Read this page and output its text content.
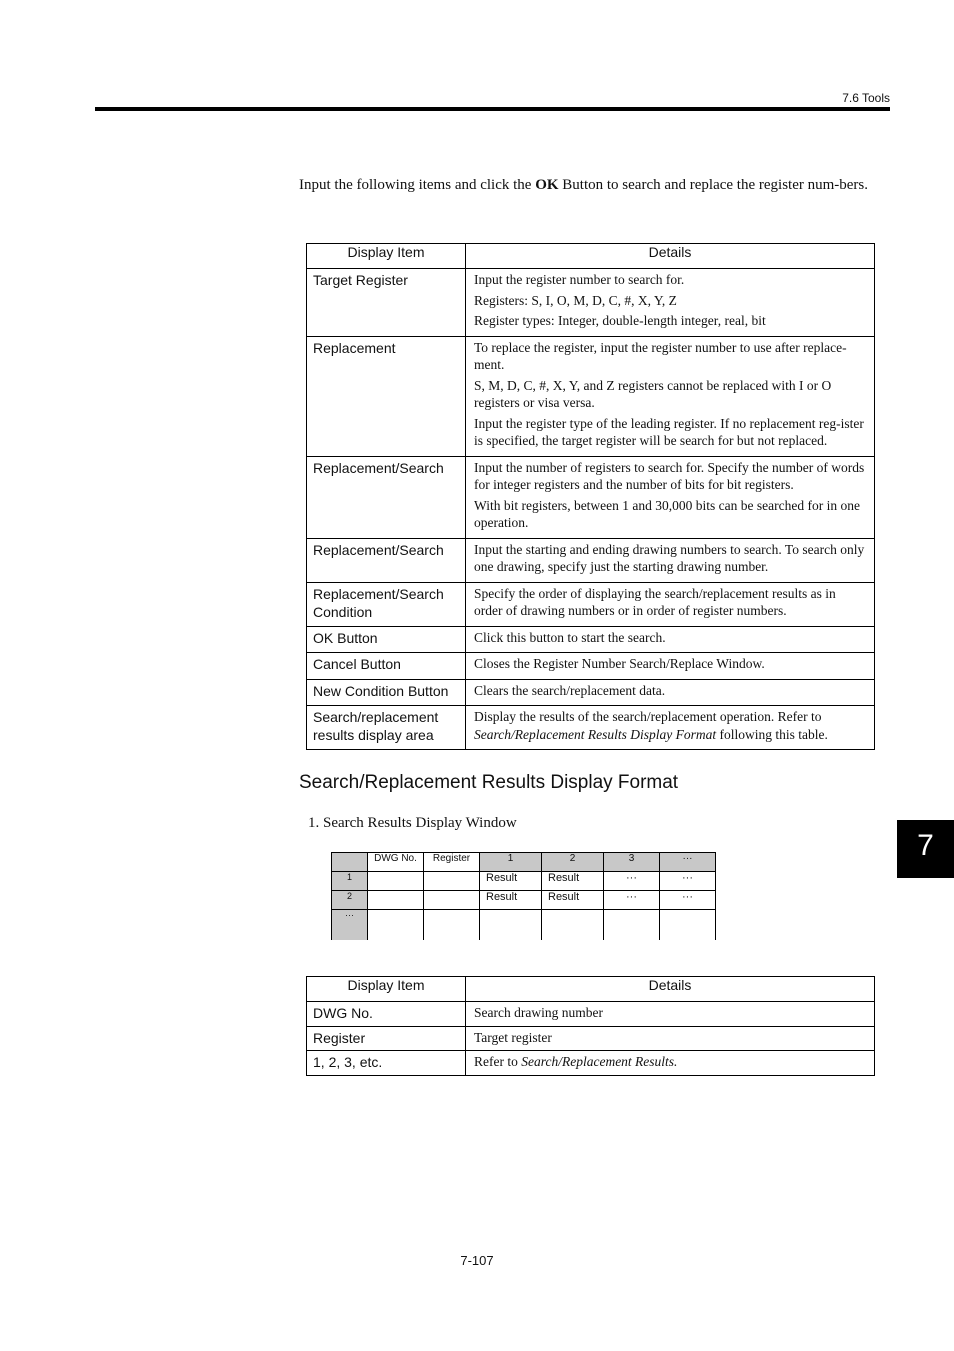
7.6 Tools
Input the following items and click the OK Button to search and replace the register num-bers.
Display Item	Details
Target Register	Input the register number to search for.

Registers: S, I, O, M, D, C, #, X, Y, Z

Register types: Integer, double-length integer, real, bit

Replacement	To replace the register, input the register number to use after replace-ment.

S, M, D, C, #, X, Y, and Z registers cannot be replaced with I or O registers or visa versa.

Input the register type of the leading register. If no replacement reg-ister is specified, the target register will be search for but not replaced.

Replacement/Search	Input the number of registers to search for. Specify the number of words for integer registers and the number of bits for bit registers.

With bit registers, between 1 and 30,000 bits can be searched for in one operation.

Replacement/Search	Input the starting and ending drawing numbers to search. To search only one drawing, specify just the starting drawing number.

Replacement/Search Condition	Specify the order of displaying the search/replacement results as in order of drawing numbers or in order of register numbers.

OK Button	Click this button to start the search.

Cancel Button	Closes the Register Number Search/Replace Window.

New Condition Button	Clears the search/replacement data.

Search/replacement results display area	Display the results of the search/replacement operation. Refer to Search/Replacement Results Display Format following this table.

Search/Replacement Results Display Format
1. Search Results Display Window
	DWG No.	Register	1	2	3	···
1			Result	Result	···	···
2			Result	Result	···	···
···						
Display Item	Details
DWG No.	Search drawing number
Register	Target register
1, 2, 3, etc.	Refer to Search/Replacement Results.
7
7-107
